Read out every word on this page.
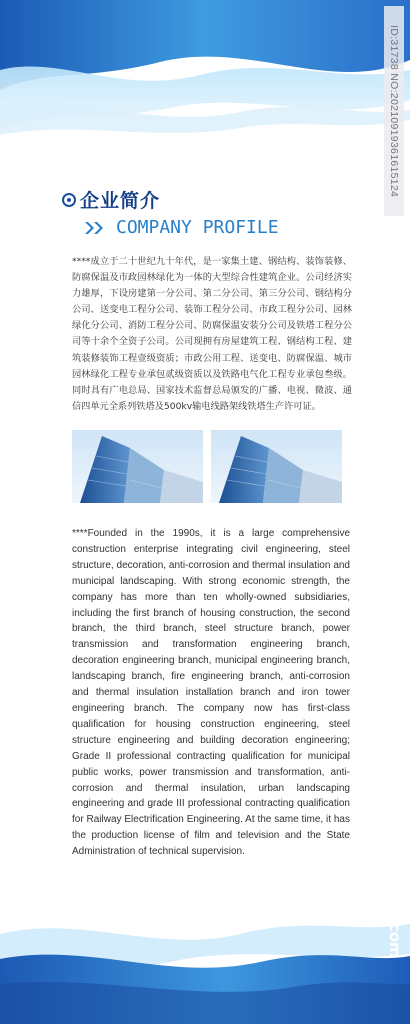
ID:31738 NO:20210919361615124
昵图网 www.nipic.com
企业简介
COMPANY PROFILE

****成立于二十世纪九十年代，是一家集土建、钢结构、装饰装修、防腐保温及市政园林绿化为一体的大型综合性建筑企业。公司经济实力雄厚，下设房建第一分公司、第二分公司、第三分公司、钢结构分公司、送变电工程分公司、装饰工程分公司、市政工程分公司、园林绿化分公司、消防工程分公司、防腐保温安装分公司及铁塔工程分公司等十余个全资子公司。公司现拥有房屋建筑工程、钢结构工程、建筑装修装饰工程壹级资质；市政公用工程、送变电、防腐保温、城市园林绿化工程专业承包贰级资质以及铁路电气化工程专业承包叁级。同时具有广电总局、国家技术监督总局颁发的广播、电视、微波、通信四单元全系列铁塔及500kv输电线路架线铁塔生产许可证。

****Founded in the 1990s, it is a large comprehensive construction enterprise integrating civil engineering, steel structure, decoration, anti-corrosion and thermal insulation and municipal landscaping. With strong economic strength, the company has more than ten wholly-owned subsidiaries, including the first branch of housing construction, the second branch, the third branch, steel structure branch, power transmission and transformation engineering branch, decoration engineering branch, municipal engineering branch, landscaping branch, fire engineering branch, anti-corrosion and thermal insulation installation branch and iron tower engineering branch. The company now has first-class qualification for housing construction engineering, steel structure engineering and building decoration engineering; Grade II professional contracting qualification for municipal public works, power transmission and transformation, anti-corrosion and thermal insulation, urban landscaping engineering and grade III professional contracting qualification for Railway Electrification Engineering. At the same time, it has the production license of film and television and the State Administration of technical supervision.
